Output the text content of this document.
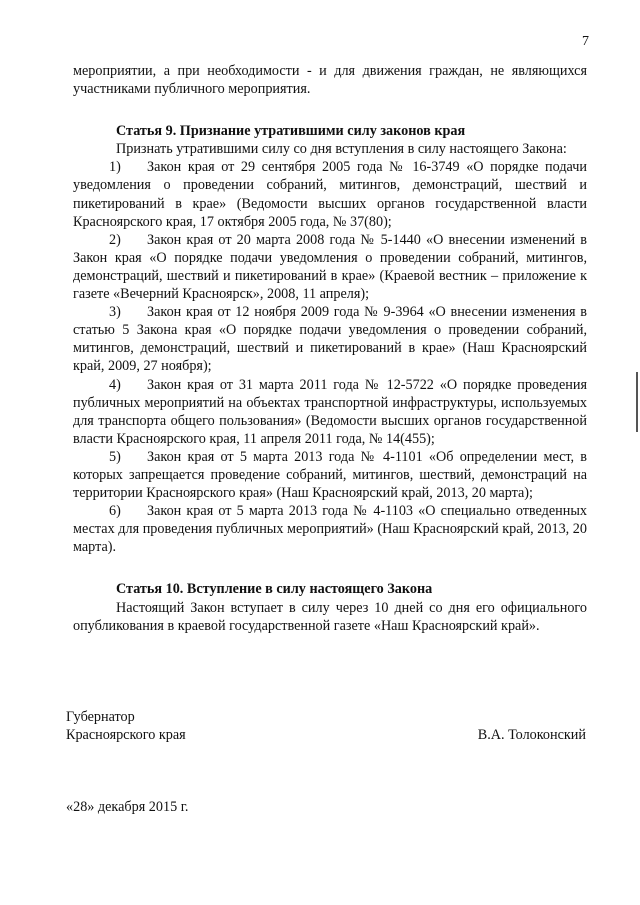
7

мероприятии, а при необходимости - и для движения граждан, не являющихся участниками публичного мероприятия.

Статья 9. Признание утратившими силу законов края

Признать утратившими силу со дня вступления в силу настоящего Закона:

1) Закон края от 29 сентября 2005 года № 16-3749 «О порядке подачи уведомления о проведении собраний, митингов, демонстраций, шествий и пикетирований в крае» (Ведомости высших органов государственной власти Красноярского края, 17 октября 2005 года, № 37(80);

2) Закон края от 20 марта 2008 года № 5-1440 «О внесении изменений в Закон края «О порядке подачи уведомления о проведении собраний, митингов, демонстраций, шествий и пикетирований в крае» (Краевой вестник – приложение к газете «Вечерний Красноярск», 2008, 11 апреля);

3) Закон края от 12 ноября 2009 года № 9-3964 «О внесении изменения в статью 5 Закона края «О порядке подачи уведомления о проведении собраний, митингов, демонстраций, шествий и пикетирований в крае» (Наш Красноярский край, 2009, 27 ноября);

4) Закон края от 31 марта 2011 года № 12-5722 «О порядке проведения публичных мероприятий на объектах транспортной инфраструктуры, используемых для транспорта общего пользования» (Ведомости высших органов государственной власти Красноярского края, 11 апреля 2011 года, № 14(455);

5) Закон края от 5 марта 2013 года № 4-1101 «Об определении мест, в которых запрещается проведение собраний, митингов, шествий, демонстраций на территории Красноярского края» (Наш Красноярский край, 2013, 20 марта);

6) Закон края от 5 марта 2013 года № 4-1103 «О специально отведенных местах для проведения публичных мероприятий» (Наш Красноярский край, 2013, 20 марта).

Статья 10. Вступление в силу настоящего Закона

Настоящий Закон вступает в силу через 10 дней со дня его официального опубликования в краевой государственной газете «Наш Красноярский край».

Губернатор
Красноярского края	В.А. Толоконский
«28» декабря 2015 г.
